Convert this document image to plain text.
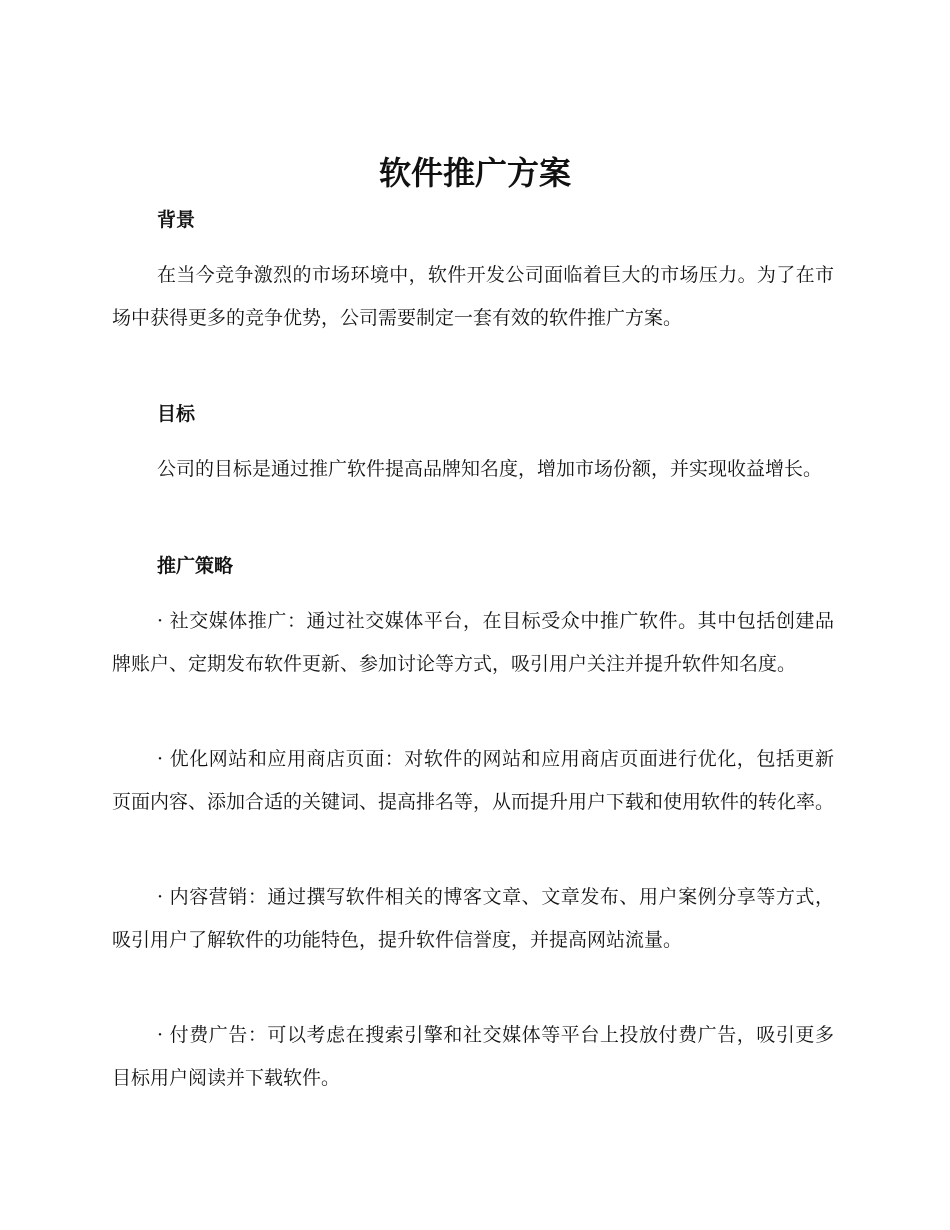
软件推广方案
背景

在当今竞争激烈的市场环境中，软件开发公司面临着巨大的市场压力。为了在市场中获得更多的竞争优势，公司需要制定一套有效的软件推广方案。

目标

公司的目标是通过推广软件提高品牌知名度，增加市场份额，并实现收益增长。

推广策略

· 社交媒体推广：通过社交媒体平台，在目标受众中推广软件。其中包括创建品牌账户、定期发布软件更新、参加讨论等方式，吸引用户关注并提升软件知名度。

· 优化网站和应用商店页面：对软件的网站和应用商店页面进行优化，包括更新页面内容、添加合适的关键词、提高排名等，从而提升用户下载和使用软件的转化率。

· 内容营销：通过撰写软件相关的博客文章、文章发布、用户案例分享等方式，吸引用户了解软件的功能特色，提升软件信誉度，并提高网站流量。

· 付费广告：可以考虑在搜索引擎和社交媒体等平台上投放付费广告，吸引更多目标用户阅读并下载软件。
